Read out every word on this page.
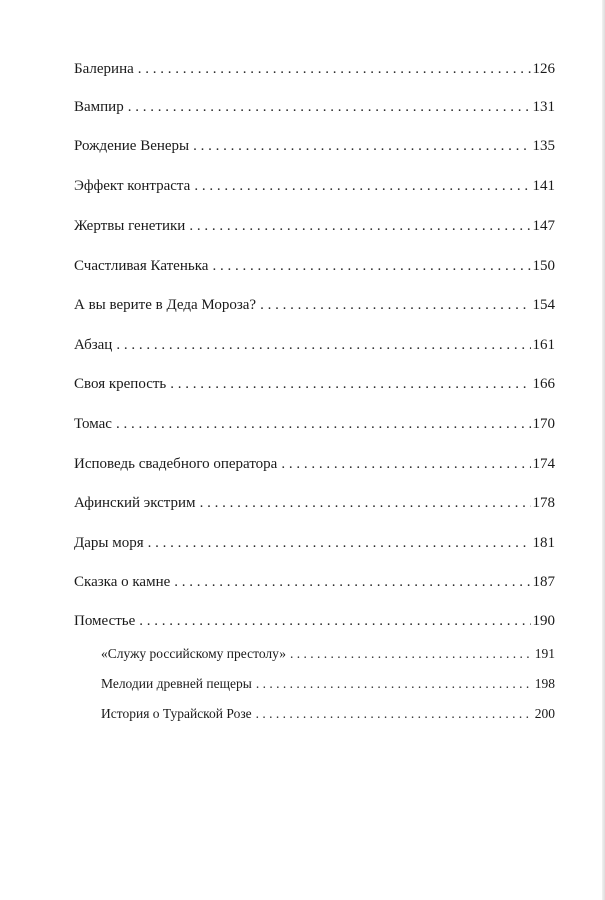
Балерина . . .	126
Вампир . . .	131
Рождение Венеры . . .	135
Эффект контраста . . .	141
Жертвы генетики . . .	147
Счастливая Катенька . . .	150
А вы верите в Деда Мороза? . . .	154
Абзац . . .	161
Своя крепость . . .	166
Томас . . .	170
Исповедь свадебного оператора . . .	174
Афинский экстрим . . .	178
Дары моря . . .	181
Сказка о камне . . .	187
Поместье . . .	190
«Служу российскому престолу» . . .	191
Мелодии древней пещеры . . .	198
История о Турайской Розе . . .	200
